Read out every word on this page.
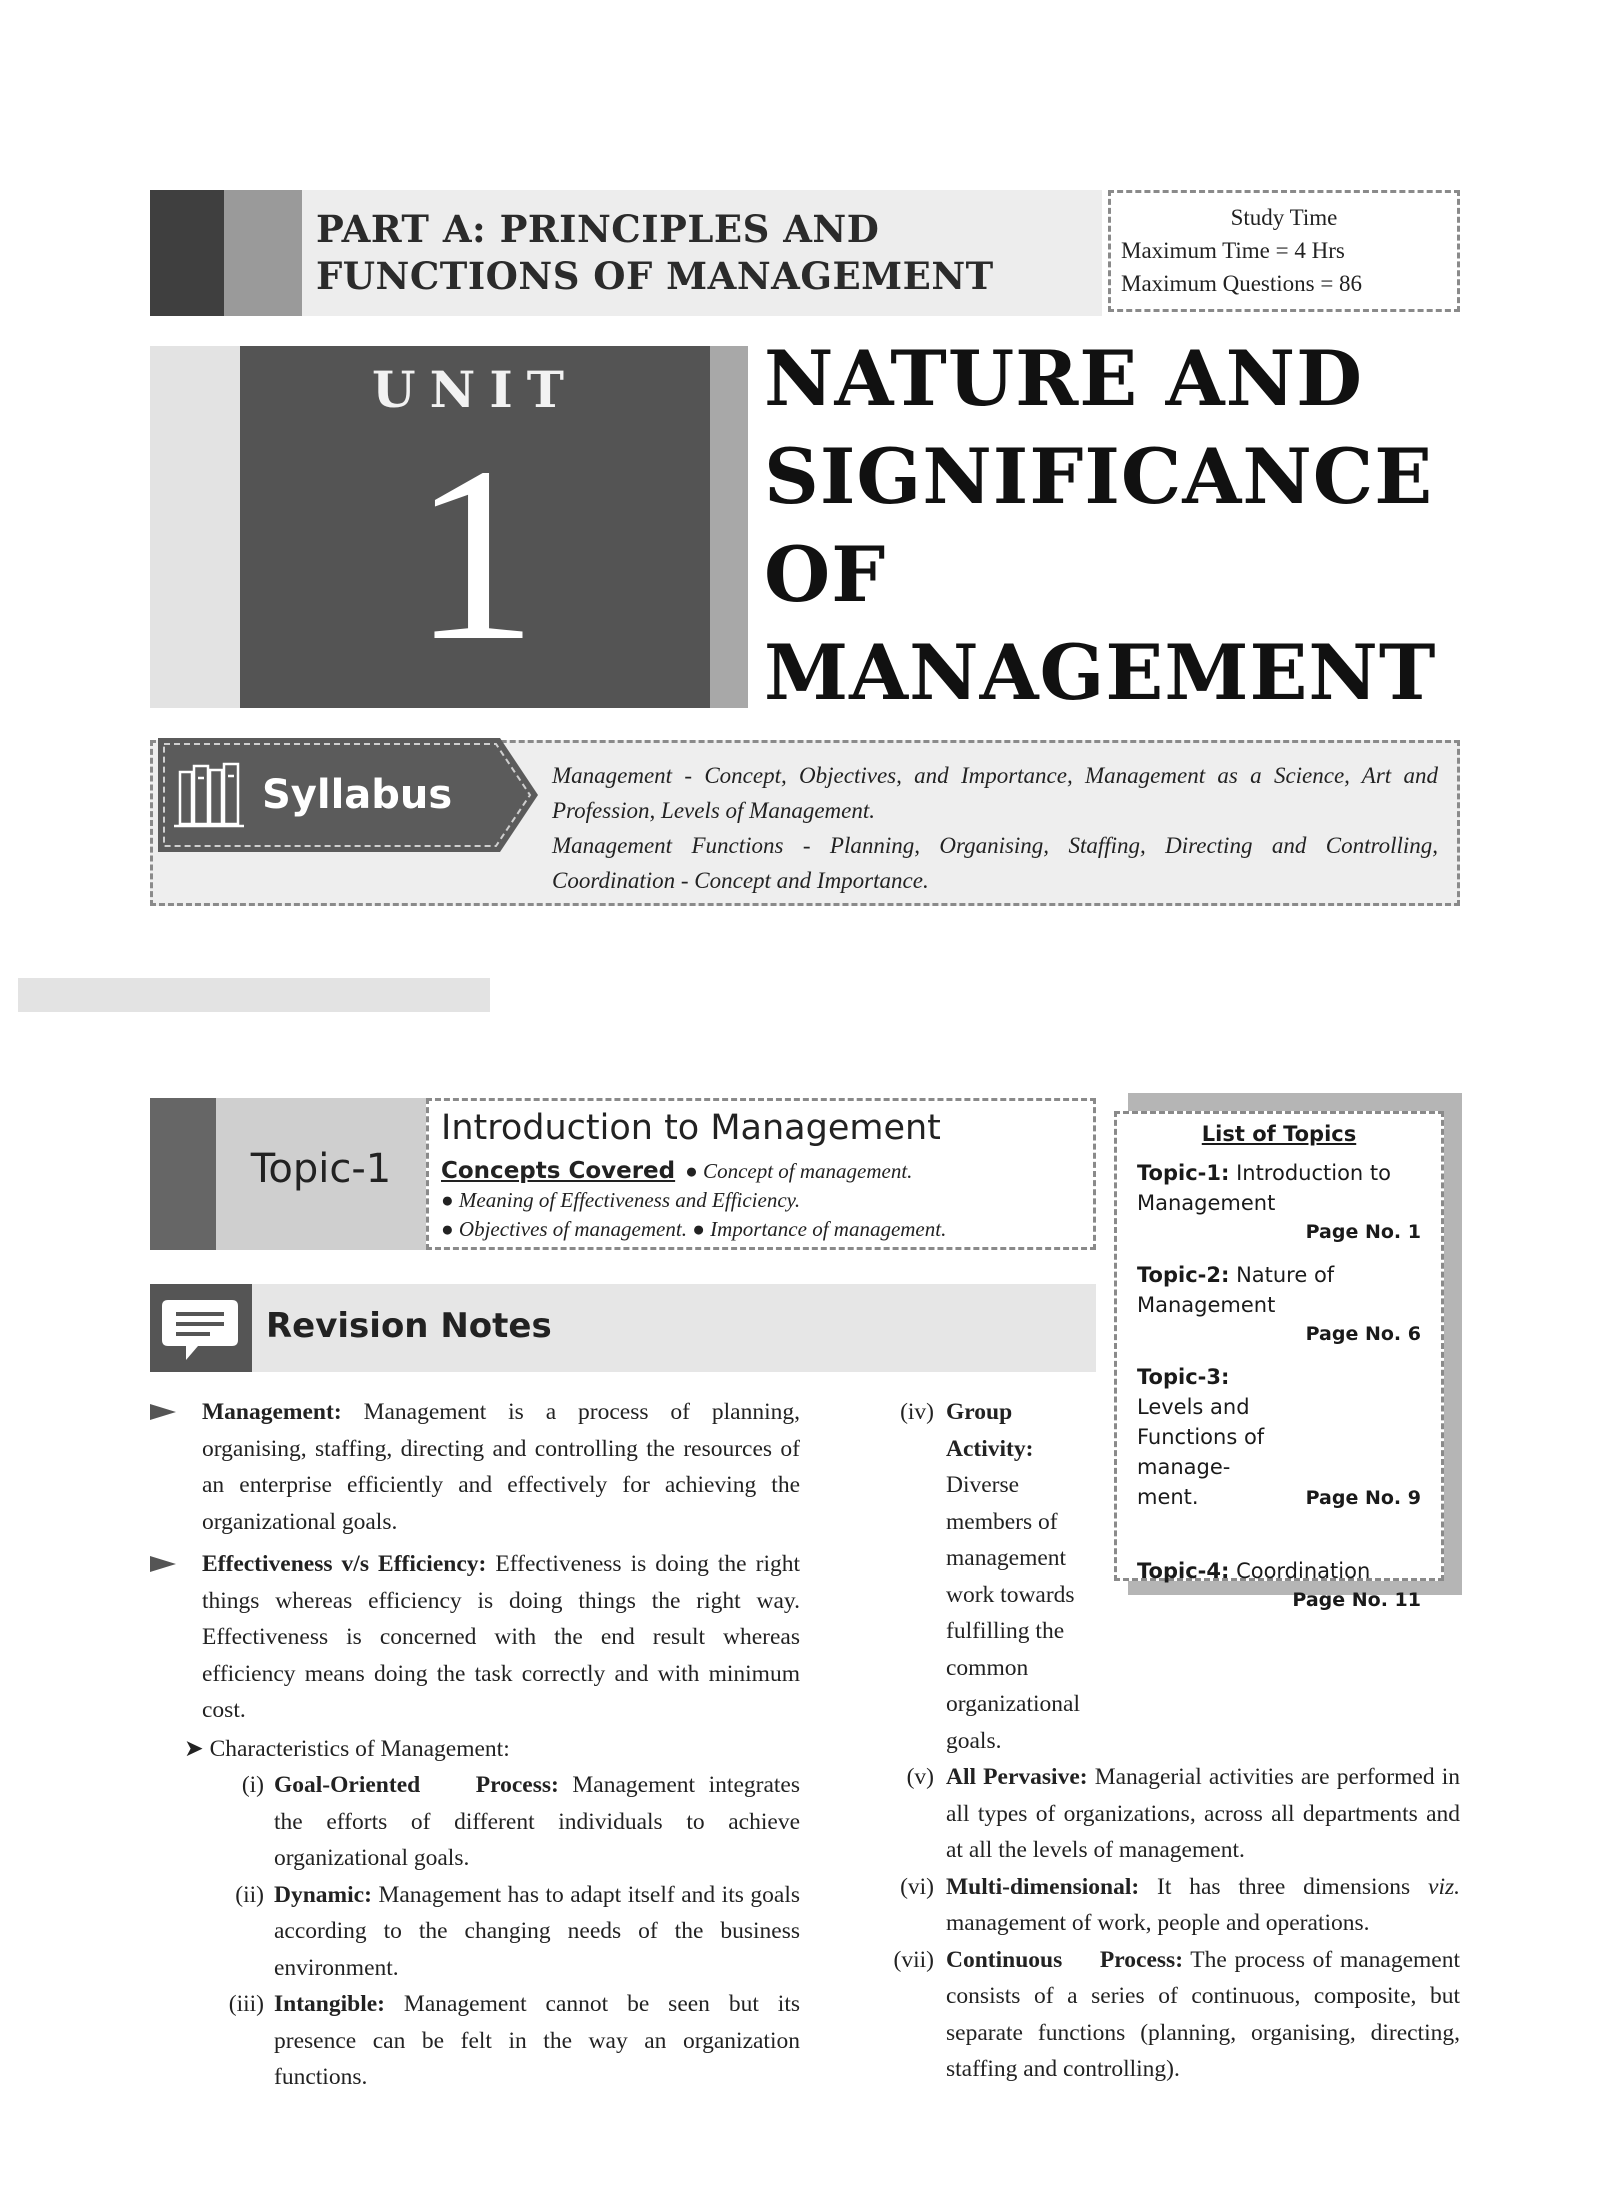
PART A: PRINCIPLES AND
FUNCTIONS OF MANAGEMENT
Study Time
Maximum Time = 4 Hrs
Maximum Questions = 86
UNIT
1
NATURE AND
SIGNIFICANCE
OF
MANAGEMENT
Syllabus	Management - Concept, Objectives, and Importance, Management as a Science, Art and Profession, Levels of Management.

Management Functions - Planning, Organising, Staffing, Directing and Controlling, Coordination - Concept and Importance.

Topic-1
Introduction to Management
Concepts Covered ● Concept of management.
● Meaning of Effectiveness and Efficiency.
● Objectives of management. ● Importance of management.
List of Topics
Topic-1: Introduction to Management
Page No. 1
Topic-2: Nature of Management
Page No. 6
Topic-3: Levels and Functions of manage-ment.	Page No. 9
Topic-4: Coordination
Page No. 11
Revision Notes
Management: Management is a process of planning, organising, staffing, directing and controlling the resources of an enterprise efficiently and effectively for achieving the organizational goals.
Effectiveness v/s Efficiency: Effectiveness is doing the right things whereas efficiency is doing things the right way. Effectiveness is concerned with the end result whereas efficiency means doing the task correctly and with minimum cost.
➤ Characteristics of Management:
(i) Goal-Oriented Process: Management integrates the efforts of different individuals to achieve organizational goals.
(ii) Dynamic: Management has to adapt itself and its goals according to the changing needs of the business environment.
(iii) Intangible: Management cannot be seen but its presence can be felt in the way an organization functions.
(iv) Group Activity: Diverse members of management work towards fulfilling the common organizational goals.
(v) All Pervasive: Managerial activities are performed in all types of organizations, across all departments and at all the levels of management.
(vi) Multi-dimensional: It has three dimensions viz. management of work, people and operations.
(vii) Continuous Process: The process of management consists of a series of continuous, composite, but separate functions (planning, organising, directing, staffing and controlling).
